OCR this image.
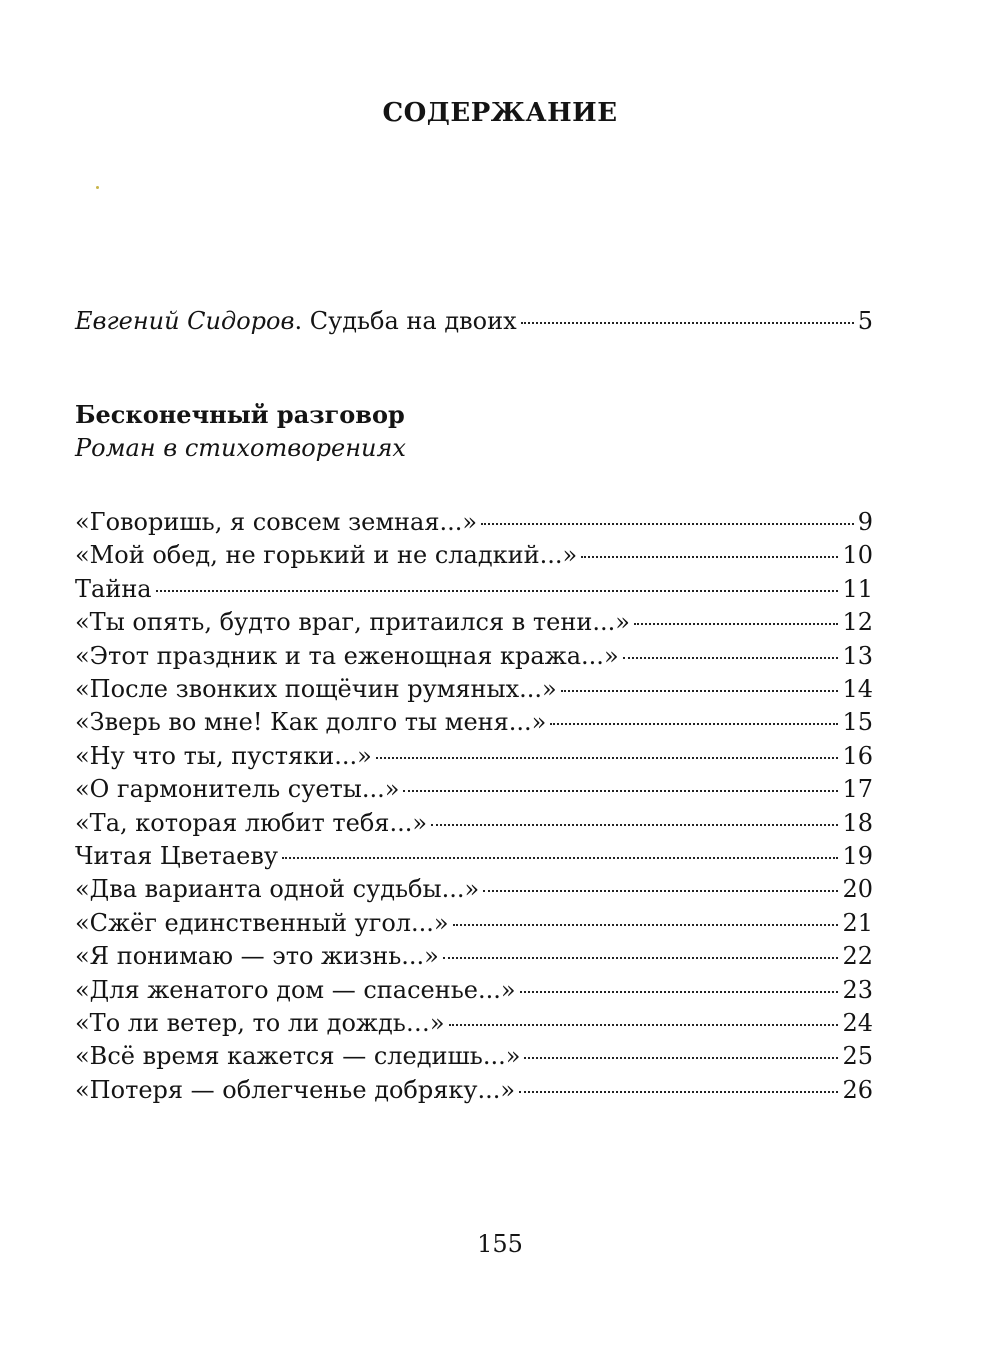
СОДЕРЖАНИЕ
Евгений Сидоров. Судьба на двоих	5
Бесконечный разговор
Роман в стихотворениях
«Говоришь, я совсем земная...»	9
«Мой обед, не горький и не сладкий...»	10
Тайна	11
«Ты опять, будто враг, притаился в тени...»	12
«Этот праздник и та еженощная кража...»	13
«После звонких пощёчин румяных...»	14
«Зверь во мне! Как долго ты меня...»	15
«Ну что ты, пустяки...»	16
«О гармонитель суеты...»	17
«Та, которая любит тебя...»	18
Читая Цветаеву	19
«Два варианта одной судьбы...»	20
«Сжёг единственный угол...»	21
«Я понимаю — это жизнь...»	22
«Для женатого дом — спасенье...»	23
«То ли ветер, то ли дождь…»	24
«Всё время кажется — следишь...»	25
«Потеря — облегченье добряку...»	26
155
